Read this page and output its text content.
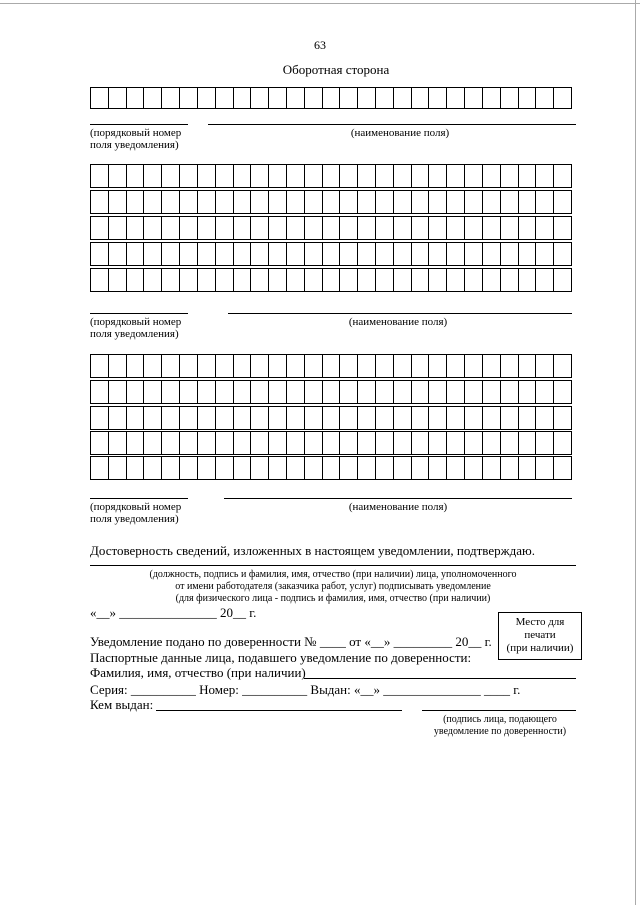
63
Оборотная сторона
(порядковый номер
поля уведомления)
(наименование поля)
(порядковый номер
поля уведомления)
(наименование поля)
(порядковый номер
поля уведомления)
(наименование поля)
Достоверность сведений, изложенных в настоящем уведомлении, подтверждаю.
(должность, подпись и фамилия, имя, отчество (при наличии) лица, уполномоченного
от имени работодателя (заказчика работ, услуг) подписывать уведомление
(для физического лица - подпись и фамилия, имя, отчество (при наличии)
«__» _______________ 20__ г.
Место для
печати
(при наличии)
Уведомление подано по доверенности № ____ от «__» _________ 20__ г.
Паспортные данные лица, подавшего уведомление по доверенности:
Фамилия, имя, отчество (при наличии)
Серия: __________ Номер: __________ Выдан: «__» _______________ ____ г.
Кем выдан:
(подпись лица, подающего
уведомление по доверенности)
